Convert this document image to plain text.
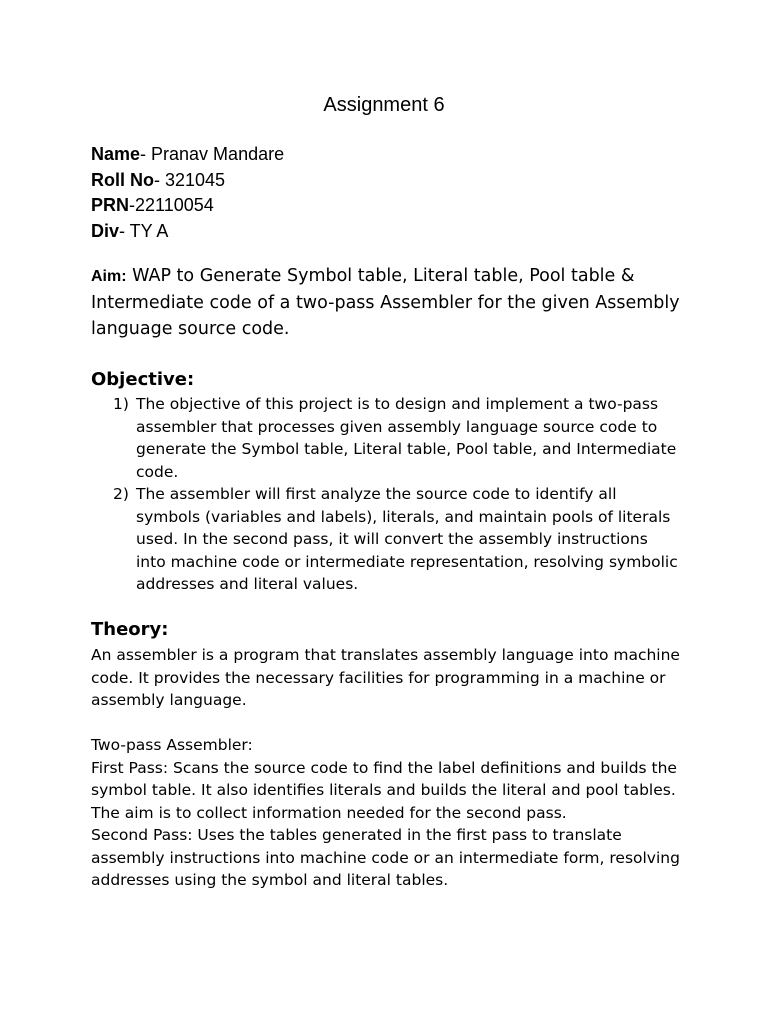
Assignment 6
Name- Pranav Mandare
Roll No- 321045
PRN-22110054
Div- TY A
Aim: WAP to Generate Symbol table, Literal table, Pool table & Intermediate code of a two-pass Assembler for the given Assembly language source code.
Objective:
1) The objective of this project is to design and implement a two-pass assembler that processes given assembly language source code to generate the Symbol table, Literal table, Pool table, and Intermediate code.
2) The assembler will first analyze the source code to identify all symbols (variables and labels), literals, and maintain pools of literals used. In the second pass, it will convert the assembly instructions into machine code or intermediate representation, resolving symbolic addresses and literal values.
Theory:

An assembler is a program that translates assembly language into machine code. It provides the necessary facilities for programming in a machine or assembly language.

Two-pass Assembler:

First Pass: Scans the source code to find the label definitions and builds the symbol table. It also identifies literals and builds the literal and pool tables. The aim is to collect information needed for the second pass.

Second Pass: Uses the tables generated in the first pass to translate assembly instructions into machine code or an intermediate form, resolving addresses using the symbol and literal tables.
